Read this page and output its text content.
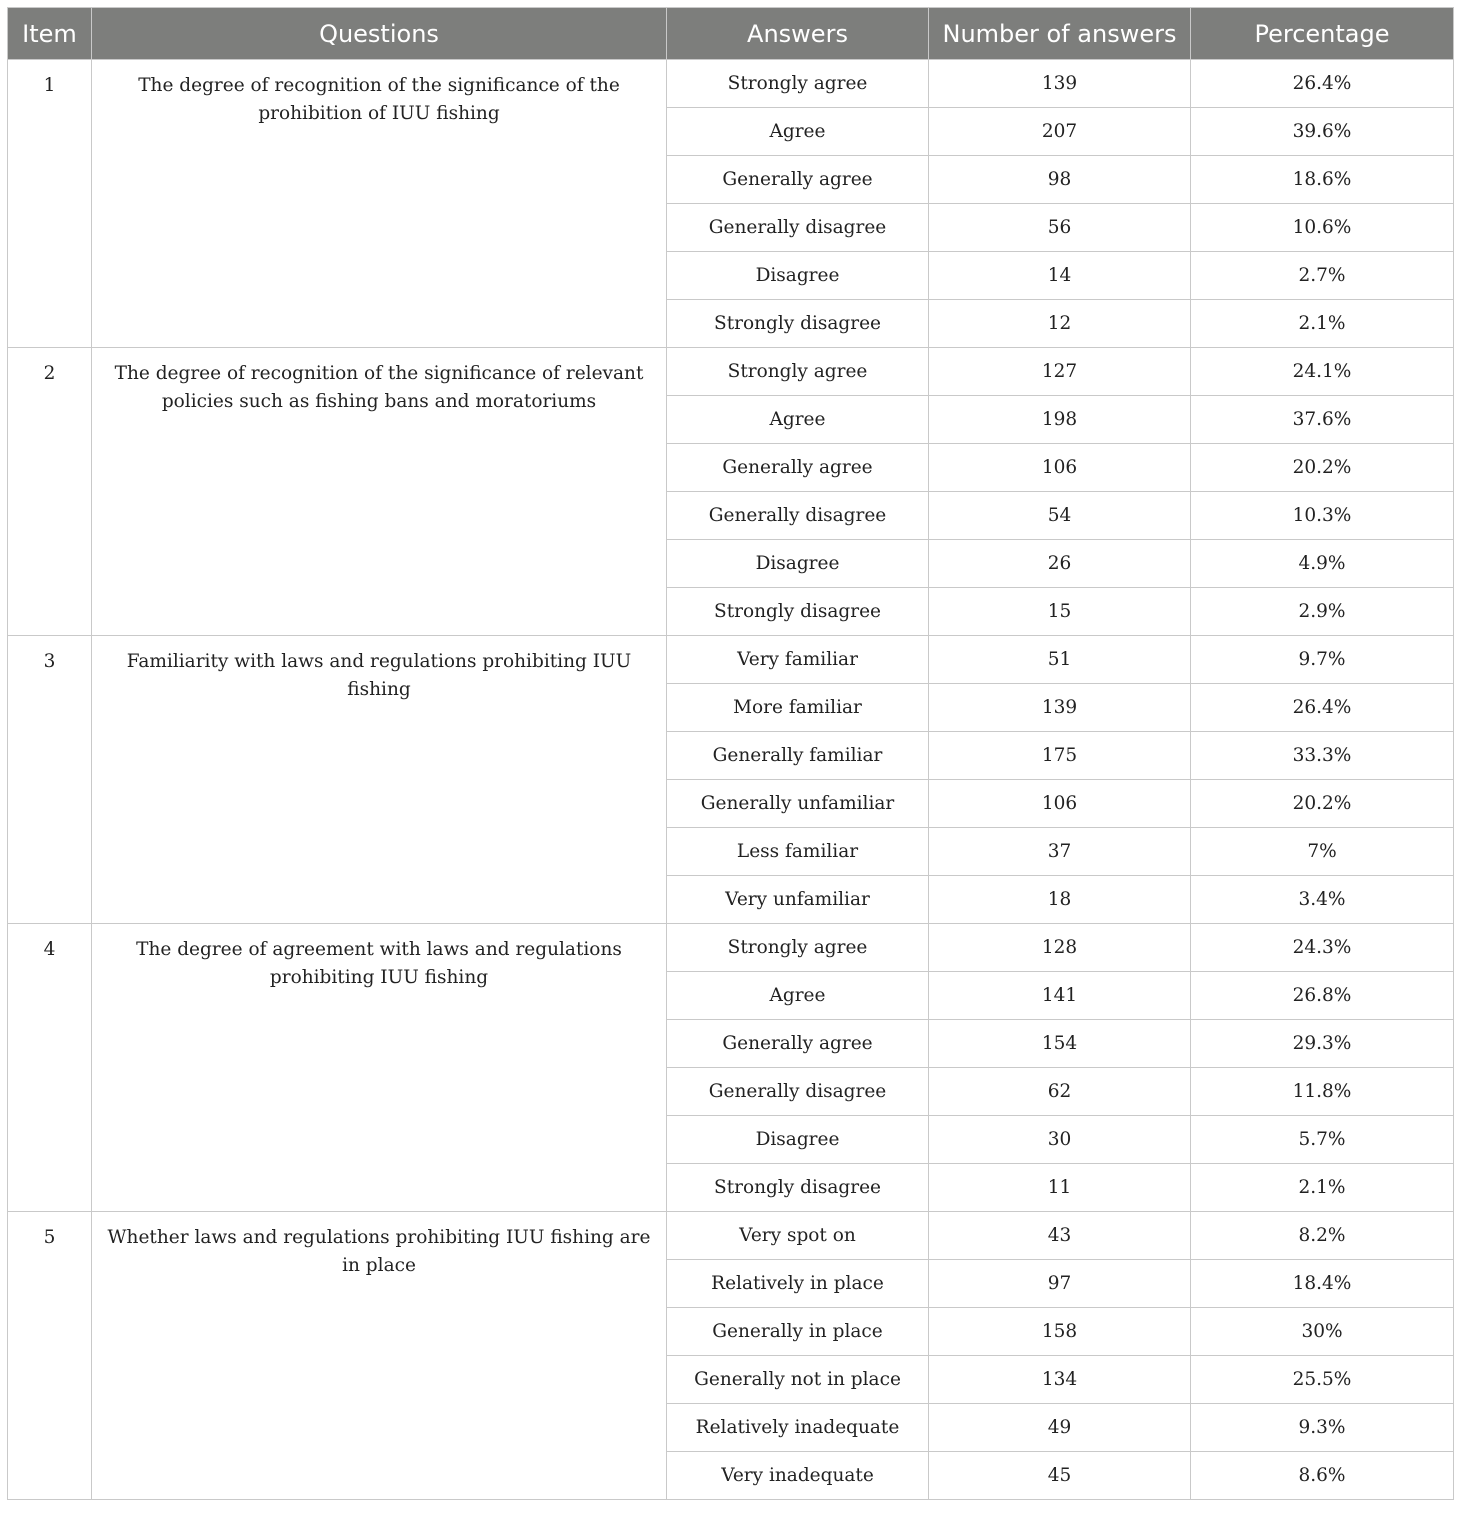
Item	Questions	Answers	Number of answers	Percentage
1	The degree of recognition of the significance of the prohibition of IUU fishing	Strongly agree	139	26.4%
		Agree	207	39.6%
		Generally agree	98	18.6%
		Generally disagree	56	10.6%
		Disagree	14	2.7%
		Strongly disagree	12	2.1%
2	The degree of recognition of the significance of relevant policies such as fishing bans and moratoriums	Strongly agree	127	24.1%
		Agree	198	37.6%
		Generally agree	106	20.2%
		Generally disagree	54	10.3%
		Disagree	26	4.9%
		Strongly disagree	15	2.9%
3	Familiarity with laws and regulations prohibiting IUU fishing	Very familiar	51	9.7%
		More familiar	139	26.4%
		Generally familiar	175	33.3%
		Generally unfamiliar	106	20.2%
		Less familiar	37	7%
		Very unfamiliar	18	3.4%
4	The degree of agreement with laws and regulations prohibiting IUU fishing	Strongly agree	128	24.3%
		Agree	141	26.8%
		Generally agree	154	29.3%
		Generally disagree	62	11.8%
		Disagree	30	5.7%
		Strongly disagree	11	2.1%
5	Whether laws and regulations prohibiting IUU fishing are in place	Very spot on	43	8.2%
		Relatively in place	97	18.4%
		Generally in place	158	30%
		Generally not in place	134	25.5%
		Relatively inadequate	49	9.3%
		Very inadequate	45	8.6%
